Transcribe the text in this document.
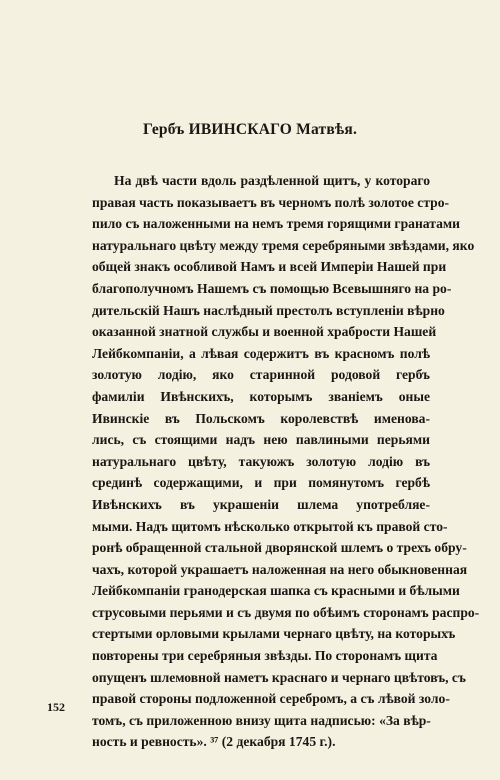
Гербъ ИВИНСКАГО Матвѣя.
На двѣ части вдоль раздѣленной щитъ, у котораго
правая часть показываетъ въ черномъ полѣ золотое стро-
пило съ наложенными на немъ тремя горящими гранатами
натуральнаго цвѣту между тремя серебряными звѣздами, яко
общей знакъ особливой Намъ и всей Имперiи Нашей при
благополучномъ Нашемъ съ помощью Всевышняго на ро-
дительскiй Нашъ наслѣдный престолъ вступленiи вѣрно
оказанной знатной службы и военной храбрости Нашей
Лейбкомпанiи, а лѣвая содержитъ въ красномъ полѣ
золотую лодiю, яко старинной родовой гербъ
фамилiи Ивѣнскихъ, которымъ званiемъ оные
Ивинскiе въ Польскомъ королевствѣ именова-
лись, съ стоящими надъ нею павлиными перьями
натуральнаго цвѣту, такуюжъ золотую лодiю въ
срединѣ содержащими, и при помянутомъ гербѣ
Ивѣнскихъ въ украшенiи шлема употребляе-
мыми. Надъ щитомъ нѣсколько открытой къ правой сто-
ронѣ обращенной стальной дворянской шлемъ о трехъ обру-
чахъ, которой украшаетъ наложенная на него обыкновенная
Лейбкомпанiи гранодерская шапка съ красными и бѣлыми
струсовыми перьями и съ двумя по обѣимъ сторонамъ распро-
стертыми орловыми крылами чернаго цвѣту, на которыхъ
повторены три серебряныя звѣзды. По сторонамъ щита
опущенъ шлемовной наметъ краснаго и чернаго цвѣтовъ, съ
правой стороны подложенной серебромъ, а съ лѣвой золо-
томъ, съ приложенною внизу щита надписью: «За вѣр-
ность и ревность». ³⁷ (2 декабря 1745 г.).
152
